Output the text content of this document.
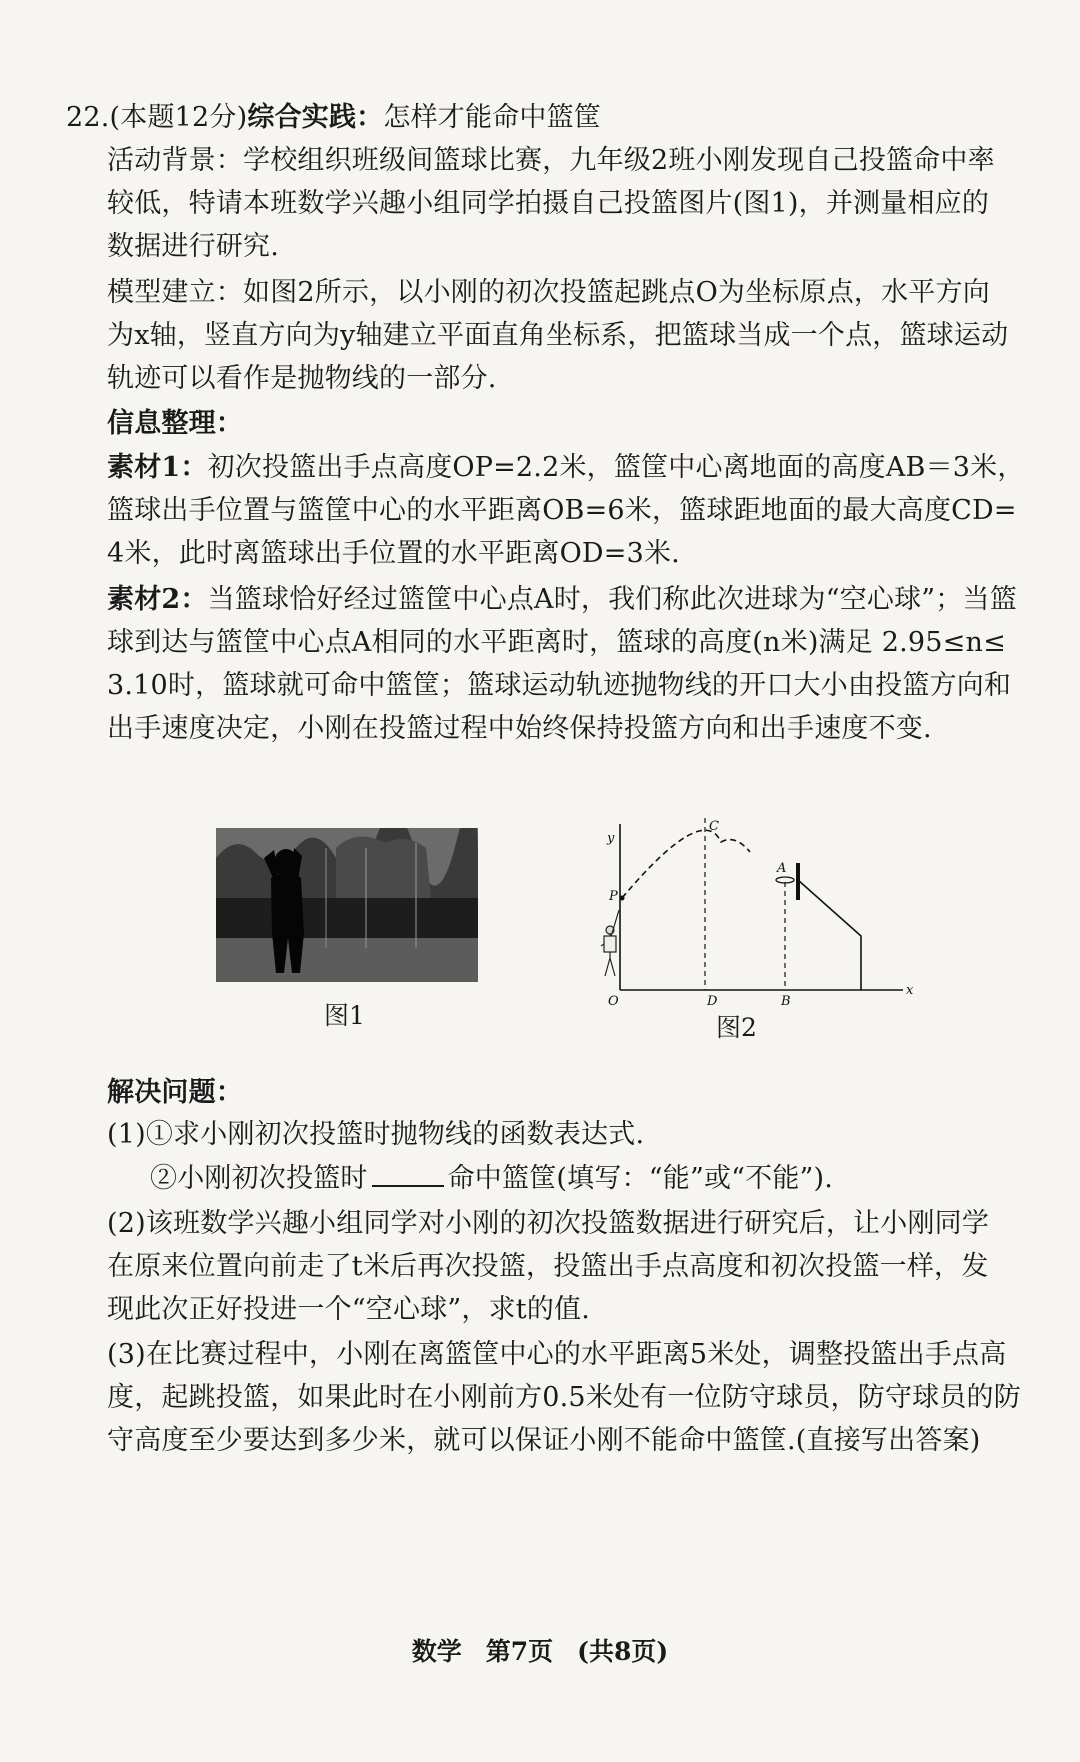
22.(本题12分)综合实践：怎样才能命中篮筐
活动背景：学校组织班级间篮球比赛，九年级2班小刚发现自己投篮命中率
较低，特请本班数学兴趣小组同学拍摄自己投篮图片(图1)，并测量相应的
数据进行研究.
模型建立：如图2所示，以小刚的初次投篮起跳点O为坐标原点，水平方向
为x轴，竖直方向为y轴建立平面直角坐标系，把篮球当成一个点，篮球运动
轨迹可以看作是抛物线的一部分.
信息整理：
素材1：初次投篮出手点高度OP=2.2米，篮筐中心离地面的高度AB＝3米，
篮球出手位置与篮筐中心的水平距离OB=6米，篮球距地面的最大高度CD=
4米，此时离篮球出手位置的水平距离OD=3米.
素材2：当篮球恰好经过篮筐中心点A时，我们称此次进球为“空心球”；当篮
球到达与篮筐中心点A相同的水平距离时，篮球的高度(n米)满足 2.95≤n≤
3.10时，篮球就可命中篮筐；篮球运动轨迹抛物线的开口大小由投篮方向和
出手速度决定，小刚在投篮过程中始终保持投篮方向和出手速度不变.
图1
y
x
O
P
C
D
A
B
图2
解决问题：
(1)①求小刚初次投篮时抛物线的函数表达式.
②小刚初次投篮时	命中篮筐(填写：“能”或“不能”).
(2)该班数学兴趣小组同学对小刚的初次投篮数据进行研究后，让小刚同学
在原来位置向前走了t米后再次投篮，投篮出手点高度和初次投篮一样，发
现此次正好投进一个“空心球”，求t的值.
(3)在比赛过程中，小刚在离篮筐中心的水平距离5米处，调整投篮出手点高
度，起跳投篮，如果此时在小刚前方0.5米处有一位防守球员，防守球员的防
守高度至少要达到多少米，就可以保证小刚不能命中篮筐.(直接写出答案)
数学 第7页 (共8页)
